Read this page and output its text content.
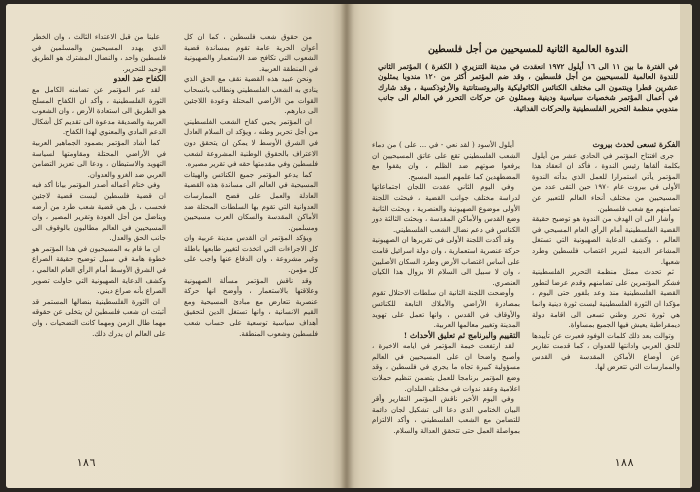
من حقوق شعب فلسطين ، كما ان كل أعوان الحرية عامة تقوم بمساندة قضية الشعوب التي تكافح ضد الاستعمار والصهيونية في المنطقة العربية.

ونحن عبيد هذه القضية نقف مع الحق الذي ينادي به الشعب الفلسطيني ونطالب بانسحاب القوات من الأراضي المحتلة وعودة اللاجئين الى ديارهم.

ان المؤتمر يحيي كفاح الشعب الفلسطيني من أجل تحرير وطنه ، ويؤكد ان السلام العادل في الشرق الأوسط لا يمكن ان يتحقق دون الاعتراف بالحقوق الوطنية المشروعة لشعب فلسطين وفي مقدمتها حقه في تقرير مصيره.

كما يدعو المؤتمر جميع الكنائس والهيئات المسيحية في العالم الى مساندة هذه القضية العادلة والعمل على فضح الممارسات العدوانية التي تقوم بها السلطات المحتلة ضد الأماكن المقدسة والسكان العرب مسيحيين ومسلمين.

ويؤكد المؤتمر ان القدس مدينة عربية وان كل الاجراءات التي اتخذت لتغيير طابعها باطلة وغير مشروعة ، وان الدفاع عنها واجب على كل مؤمن.

وقد ناقش المؤتمر مسألة الصهيونية وعلاقتها بالاستعمار ، وأوضح انها حركة عنصرية تتعارض مع مبادئ المسيحية ومع القيم الانسانية ، وانها تستغل الدين لتحقيق أهداف سياسية توسعية على حساب شعب فلسطين وشعوب المنطقة.

علينا من قبل الاعتداء الثالث ، وان الخطر الذي يهدد المسيحيين والمسلمين في فلسطين واحد ، والنضال المشترك هو الطريق الوحيد للتحرير.

الكفاح ضد العدو

لقد عبر المؤتمر عن تضامنه الكامل مع الثورة الفلسطينية ، وأكد ان الكفاح المسلح هو الطريق الى استعادة الأرض ، وان الشعوب العربية والصديقة مدعوة الى تقديم كل أشكال الدعم المادي والمعنوي لهذا الكفاح.

كما أشاد المؤتمر بصمود الجماهير العربية في الأراضي المحتلة ومقاومتها لسياسة التهويد والاستيطان ، ودعا الى تعزيز التضامن العربي ضد الغزو والعدوان.

وفي ختام أعماله أصدر المؤتمر بيانا أكد فيه ان قضية فلسطين ليست قضية لاجئين فحسب ، بل هي قضية شعب طرد من أرضه ويناضل من أجل العودة وتقرير المصير ، وان المسيحيين في العالم مطالبون بالوقوف الى جانب الحق والعدل.

ان ما قام به المسيحيون في هذا المؤتمر هو خطوة هامة في سبيل توضيح حقيقة الصراع في الشرق الأوسط أمام الرأي العام العالمي ، وكشف الدعاية الصهيونية التي حاولت تصوير الصراع بأنه صراع ديني.

ان الثورة الفلسطينية بنضالها المستمر قد أثبتت ان شعب فلسطين لن يتخلى عن حقوقه مهما طال الزمن ومهما كانت التضحيات ، وان على العالم ان يدرك ذلك.

١٨٦
الندوة العالمية الثانية للمسيحيين من أجل فلسطين
في الفترة ما بين ١١ الى ١٦ أيلول ١٩٧٢ انعقدت في مدينة التنزيري ( الكفرة ) المؤتمر الثاني للندوة العالمية للمسيحيين من أجل فلسطين ، وقد ضم المؤتمر أكثر من ١٢٠ مندوبا يمثلون عشرين قطرا وينتمون الى مختلف الكنائس الكاثوليكية والبروتستانتية والأرثوذكسية ، وقد شارك في أعمال المؤتمر شخصيات سياسية ودينية وممثلون عن حركات التحرر في العالم الى جانب مندوبي منظمة التحرير الفلسطينية والحركات الفدائية.

الفكرة تسعى لحدث بيروت

جرى افتتاح المؤتمر في الحادي عشر من أيلول بكلمة ألقاها رئيس الندوة ، فأكد ان انعقاد هذا المؤتمر يأتي استمرارا للعمل الذي بدأته الندوة الأولى في بيروت عام ١٩٧٠ حين التقى عدد من المسيحيين من مختلف أنحاء العالم للتعبير عن تضامنهم مع شعب فلسطين.

وأشار الى ان الهدف من الندوة هو توضيح حقيقة القضية الفلسطينية أمام الرأي العام المسيحي في العالم ، وكشف الدعاية الصهيونية التي تستغل المشاعر الدينية لتبرير اغتصاب فلسطين وطرد شعبها.

ثم تحدث ممثل منظمة التحرير الفلسطينية فشكر المؤتمرين على تضامنهم وقدم عرضا لتطور القضية الفلسطينية منذ وعد بلفور حتى اليوم ، مؤكدا ان الثورة الفلسطينية ليست ثورة دينية وانما هي ثورة تحرر وطني تسعى الى اقامة دولة ديمقراطية يعيش فيها الجميع بمساواة.

وتوالت بعد ذلك كلمات الوفود فعبرت عن تأييدها للحق العربي وادانتها للعدوان ، كما قدمت تقارير عن أوضاع الأماكن المقدسة في القدس والممارسات التي تتعرض لها.

أيلول الأسود ( لقد نعي - في ... على ) من دماء الشعب الفلسطيني تقع على عاتق المسيحيين ان يرفعوا صوتهم ضد الظلم ، وان يقفوا مع المضطهدين كما علمهم السيد المسيح.

وفي اليوم الثاني عقدت اللجان اجتماعاتها لدراسة مختلف جوانب القضية ، فبحثت اللجنة الأولى موضوع الصهيونية والعنصرية ، وبحثت الثانية وضع القدس والأماكن المقدسة ، وبحثت الثالثة دور الكنائس في دعم نضال الشعب الفلسطيني.

وقد أكدت اللجنة الأولى في تقريرها ان الصهيونية حركة عنصرية استعمارية ، وان دولة اسرائيل قامت على أساس اغتصاب الأرض وطرد السكان الأصليين ، وان لا سبيل الى السلام الا بزوال هذا الكيان العنصري.

وأوضحت اللجنة الثانية ان سلطات الاحتلال تقوم بمصادرة الأراضي والأملاك التابعة للكنائس والأوقاف في القدس ، وانها تعمل على تهويد المدينة وتغيير معالمها العربية.

التقييم والبرنامج ثم تعليق الأحداث !

لقد ارتفعت خيمة المؤتمر في ايامه الاخيرة ، وأصبح واضحا ان على المسيحيين في العالم مسؤولية كبيرة تجاه ما يجري في فلسطين ، وقد وضع المؤتمر برنامجا للعمل يتضمن تنظيم حملات اعلامية وعقد ندوات في مختلف البلدان.

وفي اليوم الأخير ناقش المؤتمر التقارير وأقر البيان الختامي الذي دعا الى تشكيل لجان دائمة للتضامن مع الشعب الفلسطيني ، وأكد الالتزام بمواصلة العمل حتى تتحقق العدالة والسلام.

١٨٨
